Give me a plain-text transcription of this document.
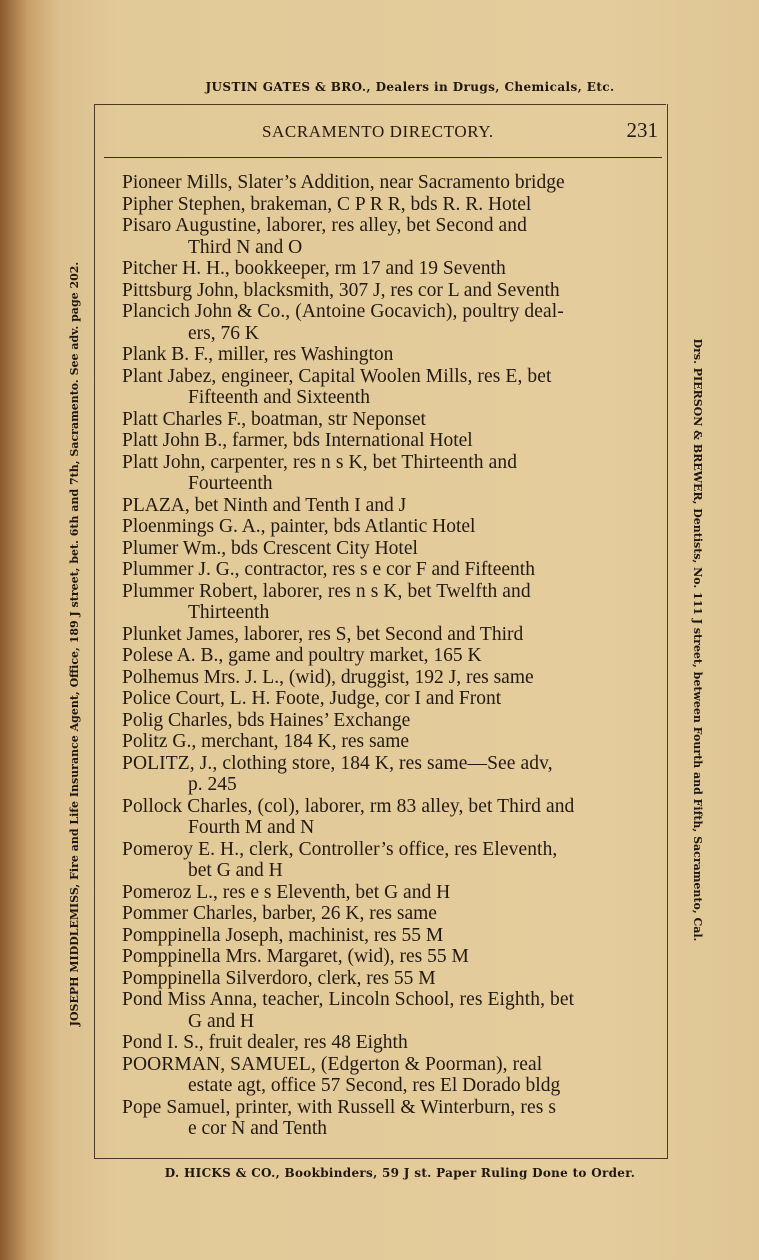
JUSTIN GATES & BRO., Dealers in Drugs, Chemicals, Etc.
JOSEPH MIDDLEMISS, Fire and Life Insurance Agent, Office, 189 J street, bet. 6th and 7th, Sacramento. See adv. page 202.	Drs. PIERSON & BREWER, Dentists, No. 111 J street, between Fourth and Fifth, Sacramento, Cal.
SACRAMENTO DIRECTORY.	231
Pioneer Mills, Slater’s Addition, near Sacramento bridge
Pipher Stephen, brakeman, C P R R, bds R. R. Hotel
Pisaro Augustine, laborer, res alley, bet Second and
Third N and O
Pitcher H. H., bookkeeper, rm 17 and 19 Seventh
Pittsburg John, blacksmith, 307 J, res cor L and Seventh
Plancich John & Co., (Antoine Gocavich), poultry deal-
ers, 76 K
Plank B. F., miller, res Washington
Plant Jabez, engineer, Capital Woolen Mills, res E, bet
Fifteenth and Sixteenth
Platt Charles F., boatman, str Neponset
Platt John B., farmer, bds International Hotel
Platt John, carpenter, res n s K, bet Thirteenth and
Fourteenth
PLAZA, bet Ninth and Tenth I and J
Ploenmings G. A., painter, bds Atlantic Hotel
Plumer Wm., bds Crescent City Hotel
Plummer J. G., contractor, res s e cor F and Fifteenth
Plummer Robert, laborer, res n s K, bet Twelfth and
Thirteenth
Plunket James, laborer, res S, bet Second and Third
Polese A. B., game and poultry market, 165 K
Polhemus Mrs. J. L., (wid), druggist, 192 J, res same
Police Court, L. H. Foote, Judge, cor I and Front
Polig Charles, bds Haines’ Exchange
Politz G., merchant, 184 K, res same
POLITZ, J., clothing store, 184 K, res same—See adv,
p. 245
Pollock Charles, (col), laborer, rm 83 alley, bet Third and
Fourth M and N
Pomeroy E. H., clerk, Controller’s office, res Eleventh,
bet G and H
Pomeroz L., res e s Eleventh, bet G and H
Pommer Charles, barber, 26 K, res same
Pomppinella Joseph, machinist, res 55 M
Pomppinella Mrs. Margaret, (wid), res 55 M
Pomppinella Silverdoro, clerk, res 55 M
Pond Miss Anna, teacher, Lincoln School, res Eighth, bet
G and H
Pond I. S., fruit dealer, res 48 Eighth
POORMAN, SAMUEL, (Edgerton & Poorman), real
estate agt, office 57 Second, res El Dorado bldg
Pope Samuel, printer, with Russell & Winterburn, res s
e cor N and Tenth
D. HICKS & CO., Bookbinders, 59 J st. Paper Ruling Done to Order.
